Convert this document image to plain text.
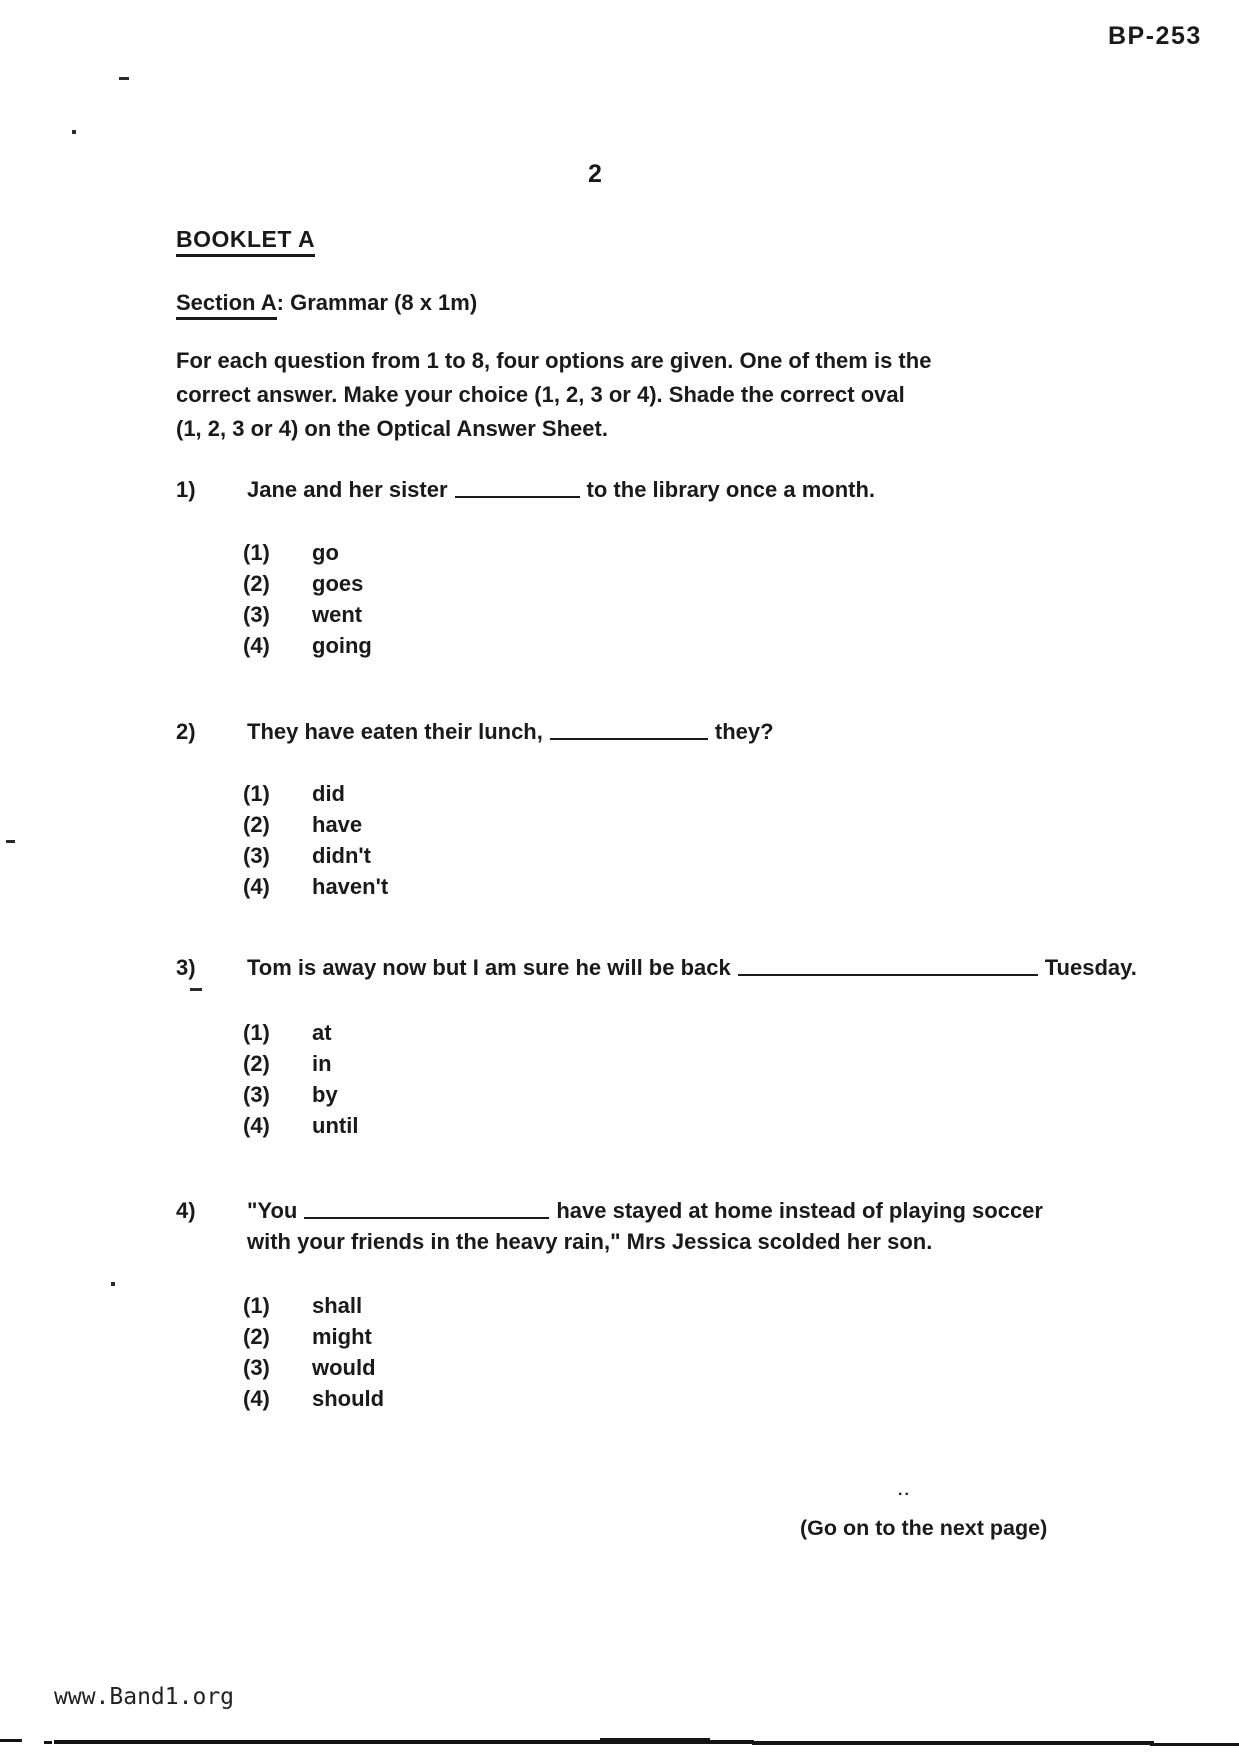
BP-253
2
BOOKLET A
Section A: Grammar (8 x 1m)
For each question from 1 to 8, four options are given. One of them is the
correct answer. Make your choice (1, 2, 3 or 4). Shade the correct oval
(1, 2, 3 or 4) on the Optical Answer Sheet.
1) Jane and her sister	to the library once a month.
(1)	go
(2)	goes
(3)	went
(4)	going
2) They have eaten their lunch,	they?
(1)	did
(2)	have
(3)	didn't
(4)	haven't
3) Tom is away now but I am sure he will be back	Tuesday.
(1)	at
(2)	in
(3)	by
(4)	until
4) "You	have stayed at home instead of playing soccer
with your friends in the heavy rain," Mrs Jessica scolded her son.
(1)	shall
(2)	might
(3)	would
(4)	should
..
(Go on to the next page)
www.Band1.org
